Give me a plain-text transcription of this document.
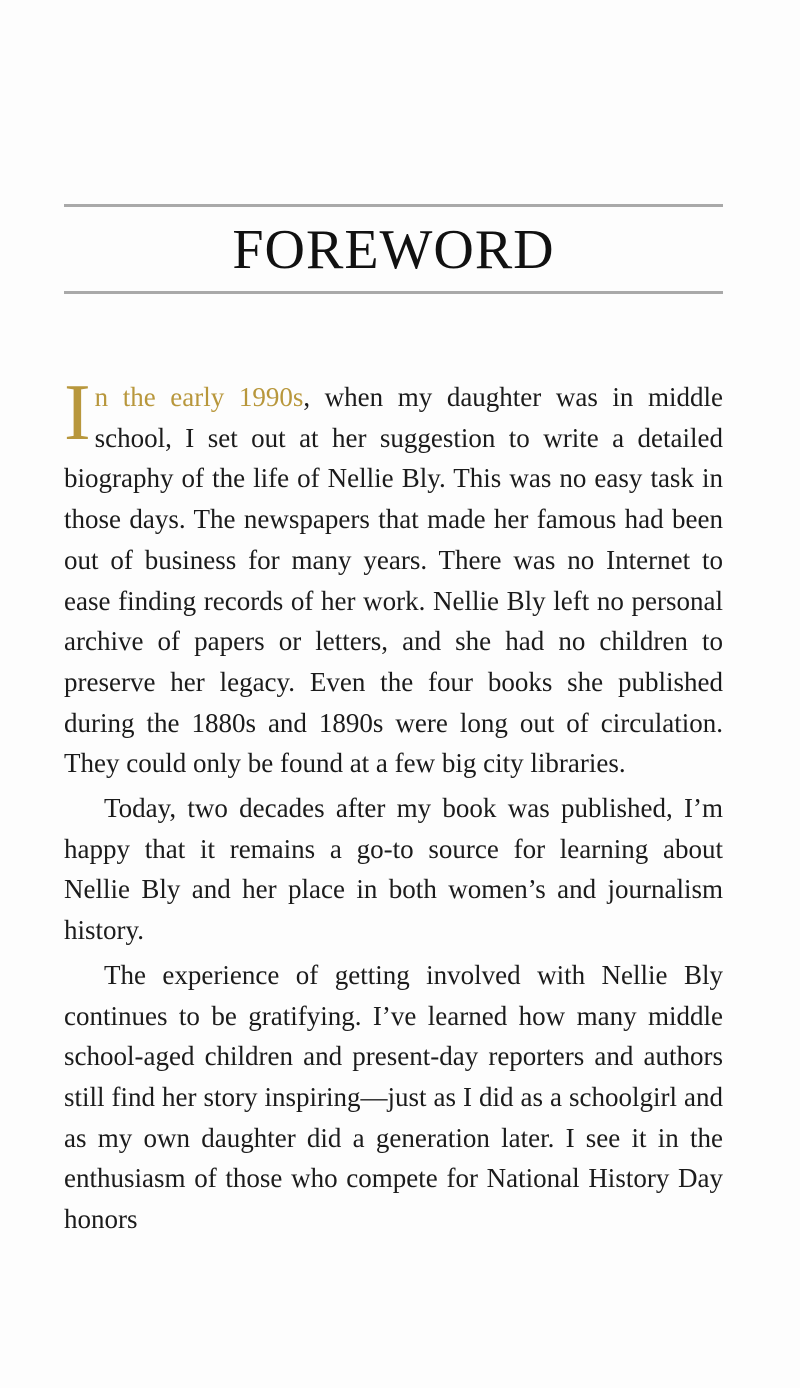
FOREWORD

In the early 1990s, when my daughter was in middle school, I set out at her suggestion to write a detailed biography of the life of Nellie Bly. This was no easy task in those days. The newspapers that made her famous had been out of business for many years. There was no Internet to ease finding records of her work. Nellie Bly left no personal archive of papers or letters, and she had no children to preserve her legacy. Even the four books she published during the 1880s and 1890s were long out of circulation. They could only be found at a few big city libraries.

Today, two decades after my book was published, I’m happy that it remains a go-to source for learning about Nellie Bly and her place in both women’s and journalism history.

The experience of getting involved with Nellie Bly continues to be gratifying. I’ve learned how many middle school-aged children and present-day reporters and authors still find her story inspiring—just as I did as a schoolgirl and as my own daughter did a generation later. I see it in the enthusiasm of those who compete for National History Day honors
